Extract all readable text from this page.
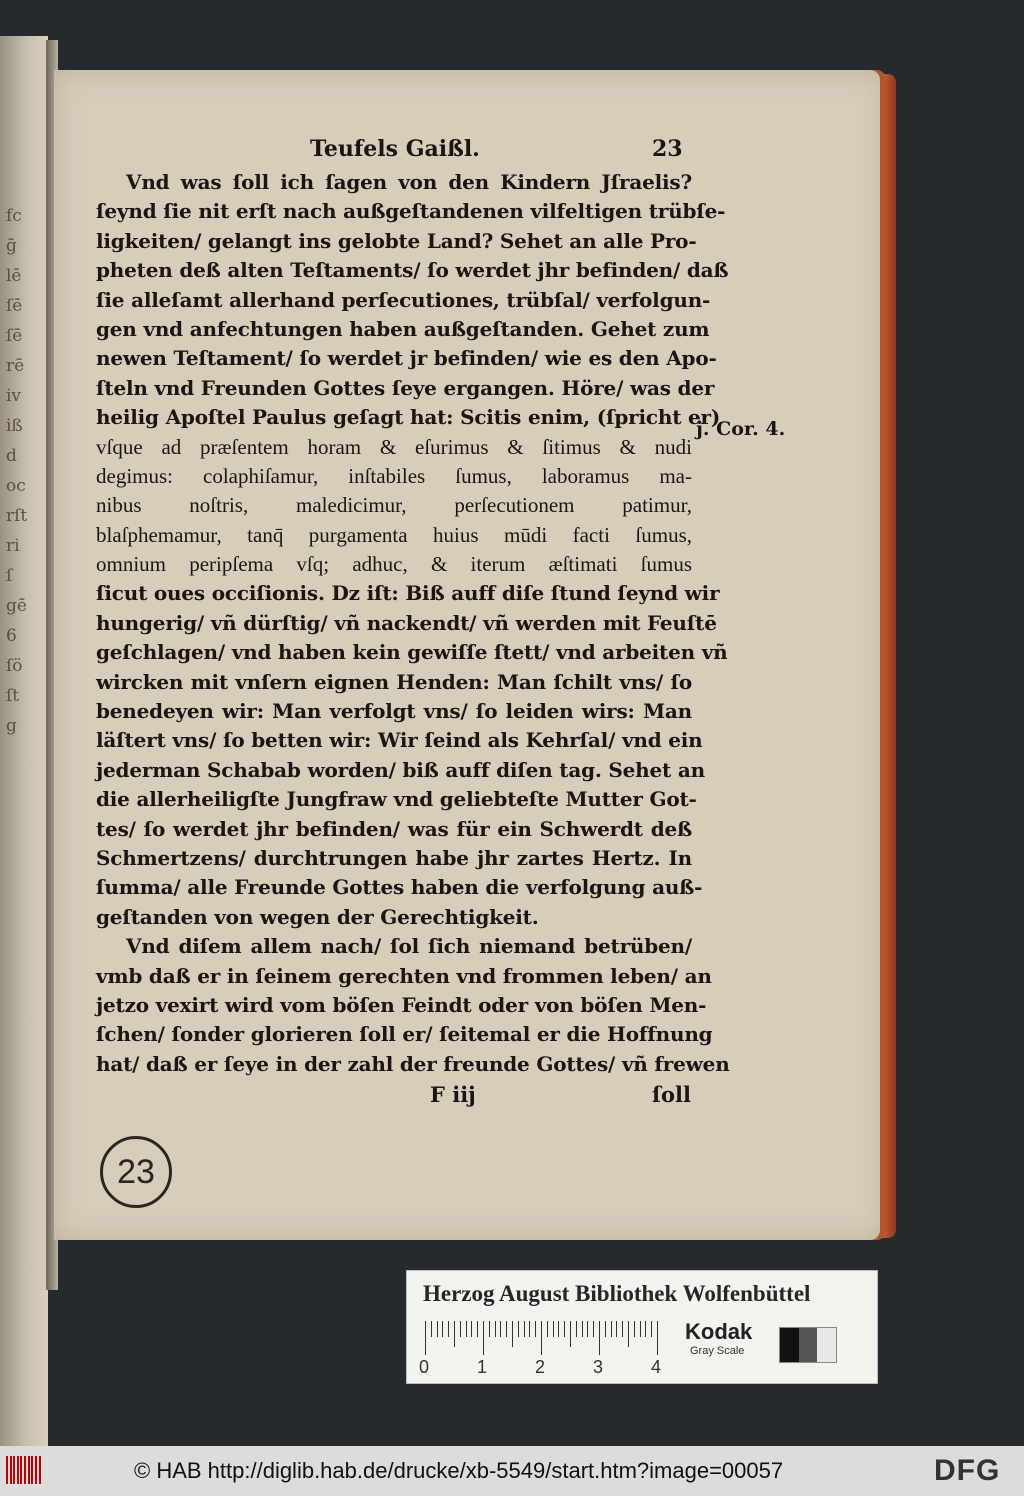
fc
ḡ
lē
ſē
ſē
rē
iv
iß
d
oc
rſt
ri
ſ
gē
6
ſö
ſt
g
Teufels Gaißl.	23
Vnd was ſoll ich ſagen von den Kindern Jſraelis?
ſeynd ſie nit erſt nach außgeſtandenen vilfeltigen trübſe-
ligkeiten/ gelangt ins gelobte Land? Sehet an alle Pro-
pheten deß alten Teſtaments/ ſo werdet jhr befinden/ daß
ſie alleſamt allerhand perſecutiones, trübſal/ verfolgun-
gen vnd anfechtungen haben außgeſtanden. Gehet zum
newen Teſtament/ ſo werdet jr befinden/ wie es den Apo-
ſteln vnd Freunden Gottes ſeye ergangen. Höre/ was der
heilig Apoſtel Paulus geſagt hat: Scitis enim, (ſpricht er)
vſque ad præſentem horam & eſurimus & ſitimus & nudi
degimus: colaphiſamur, inſtabiles ſumus, laboramus ma-
nibus noſtris, maledicimur, perſecutionem patimur,
blaſphemamur, tanq̄ purgamenta huius mūdi facti ſumus,
omnium peripſema vſq; adhuc, & iterum æſtimati ſumus
ſicut oues occiſionis. Dz iſt: Biß auff diſe ſtund ſeynd wir
hungerig/ vñ dürſtig/ vñ nackendt/ vñ werden mit Feuſtē
geſchlagen/ vnd haben kein gewiſſe ſtett/ vnd arbeiten vñ
wircken mit vnſern eignen Henden: Man ſchilt vns/ ſo
benedeyen wir: Man verfolgt vns/ ſo leiden wirs: Man
läſtert vns/ ſo betten wir: Wir ſeind als Kehrſal/ vnd ein
jederman Schabab worden/ biß auff diſen tag. Sehet an
die allerheiligſte Jungfraw vnd geliebteſte Mutter Got-
tes/ ſo werdet jhr befinden/ was für ein Schwerdt deß
Schmertzens/ durchtrungen habe jhr zartes Hertz. In
ſumma/ alle Freunde Gottes haben die verfolgung auß-
geſtanden von wegen der Gerechtigkeit.
Vnd diſem allem nach/ ſol ſich niemand betrüben/
vmb daß er in ſeinem gerechten vnd frommen leben/ an
jetzo vexirt wird vom böſen Feindt oder von böſen Men-
ſchen/ ſonder glorieren ſoll er/ ſeitemal er die Hoffnung
hat/ daß er ſeye in der zahl der freunde Gottes/ vñ frewen
j. Cor. 4.
F iij	ſoll
23
Herzog August Bibliothek Wolfenbüttel
0	1	2	3	4
Kodak
Gray Scale
© HAB http://diglib.hab.de/drucke/xb-5549/start.htm?image=00057	DFG
